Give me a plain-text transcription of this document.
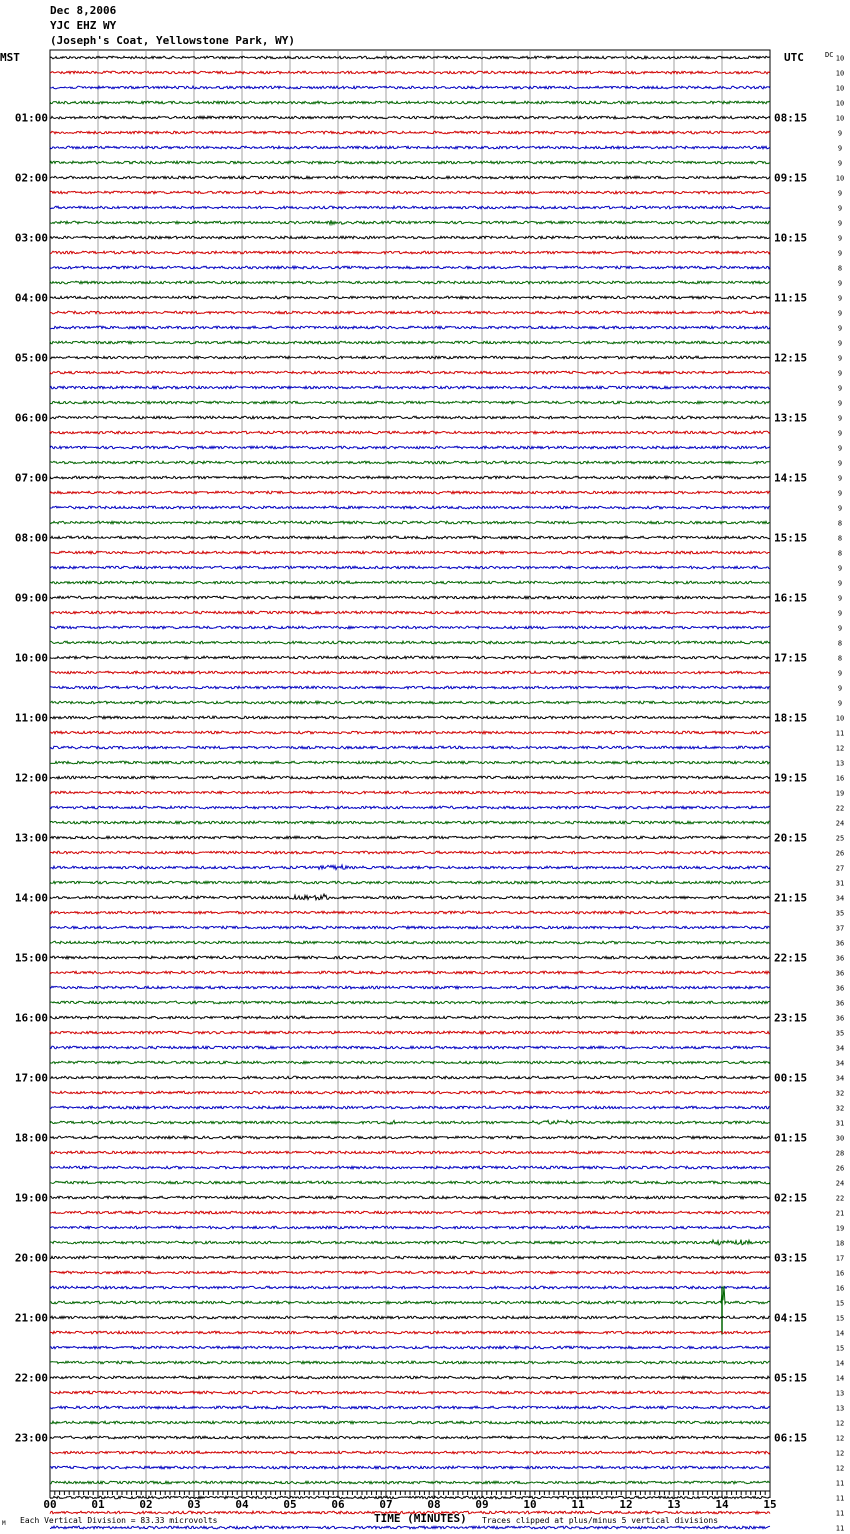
Dec 8,2006
YJC EHZ WY
(Joseph's Coat, Yellowstone Park, WY)
MST	UTC	DC 10
10
10
10
10
9
9
9
10
9
9
9
9
9
8
9
9
9
9
9
9
9
9
9
9
9
9
9
9
9
9
8
8
8
9
9
9
9
9
8
8
9
9
9
10
11
12
13
16
19
22
24
25
26
27
31
34
35
37
36
36
36
36
36
36
35
34
34
34
32
32
31
30
28
26
24
22
21
19
18
17
16
16
15
15
14
15
14
14
13
13
12
12
12
12
11
11
11
11
01:00
02:00
03:00
04:00
05:00
06:00
07:00
08:00
09:00
10:00
11:00
12:00
13:00
14:00
15:00
16:00
17:00
18:00
19:00
20:00
21:00
22:00
23:00
08:15
09:15
10:15
11:15
12:15
13:15
14:15
15:15
16:15
17:15
18:15
19:15
20:15
21:15
22:15
23:15
00:15
01:15
02:15
03:15
04:15
05:15
06:15
00	01	02	03	04	05	06	07	08	09	10	11	12	13	14	15
TIME (MINUTES)
Each Vertical Division = 83.33 microvolts	Traces clipped at plus/minus 5 vertical divisions
M
